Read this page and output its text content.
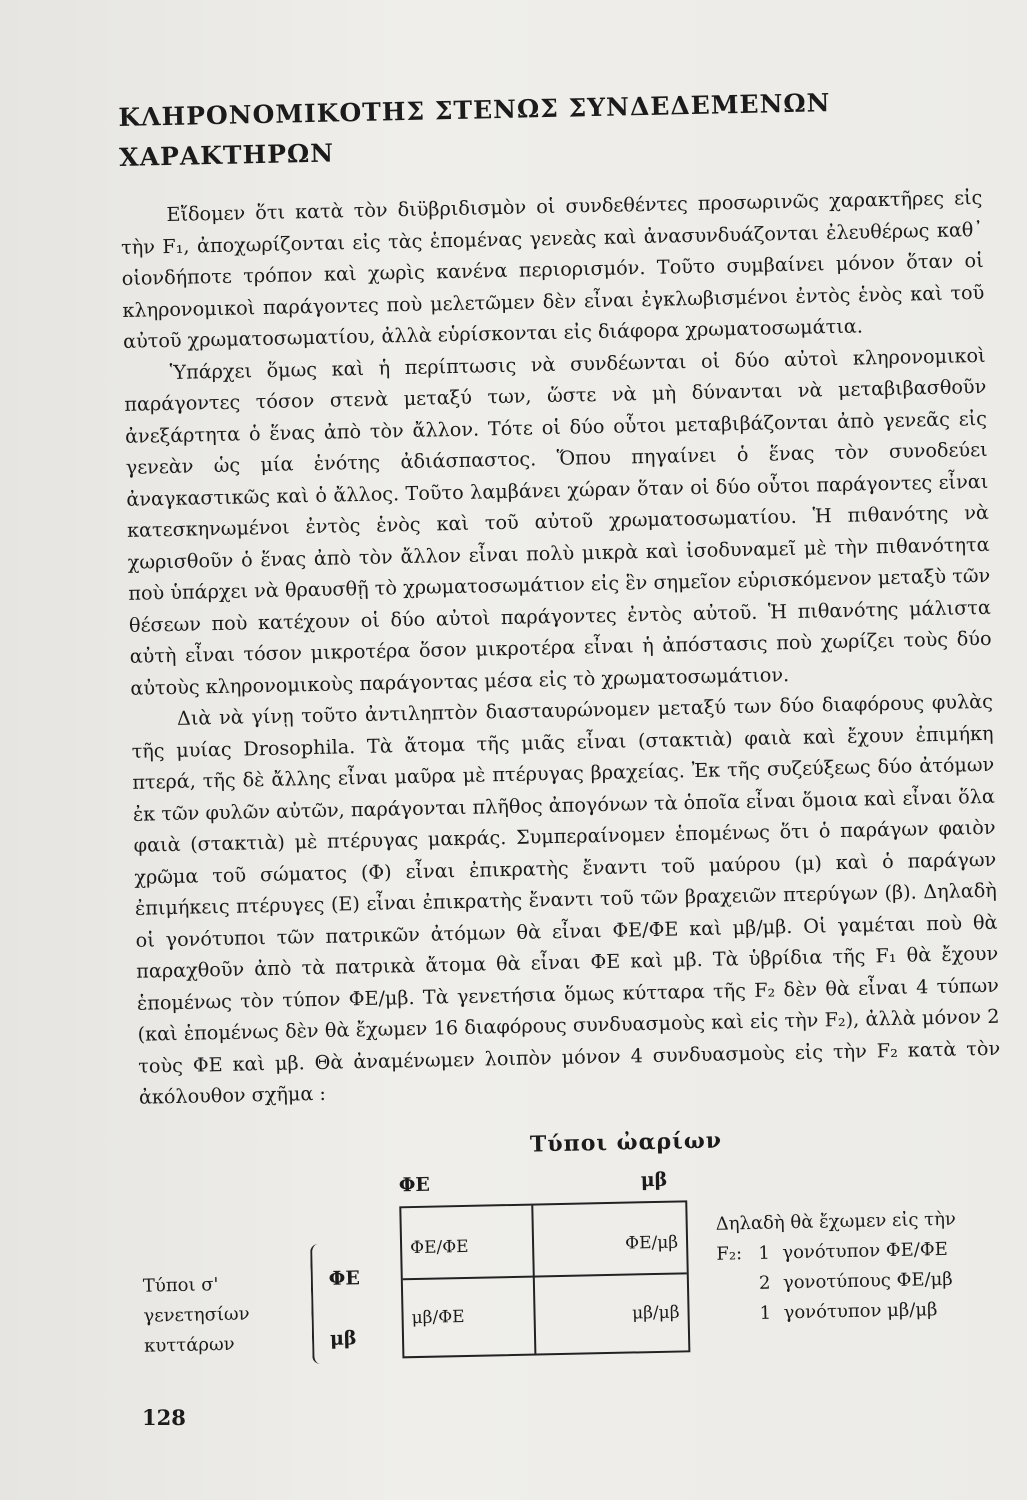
ΚΛΗΡΟΝΟΜΙΚΟΤΗΣ ΣΤΕΝΩΣ ΣΥΝΔΕΔΕΜΕΝΩΝ
ΧΑΡΑΚΤΗΡΩΝ

Εἴδομεν ὅτι κατὰ τὸν διϋβριδισμὸν οἱ συνδεθέντες προσωρινῶς χαρακτῆρες εἰς τὴν F₁, ἀποχωρίζονται εἰς τὰς ἑπομένας γενεὰς καὶ ἀνασυνδυάζονται ἐλευθέρως καθ᾿ οἱονδήποτε τρόπον καὶ χωρὶς κανένα περιορισμόν. Τοῦτο συμβαίνει μόνον ὅταν οἱ κληρονομικοὶ παράγοντες ποὺ μελετῶμεν δὲν εἶναι ἐγκλωβισμένοι ἐντὸς ἑνὸς καὶ τοῦ αὐτοῦ χρωματοσωματίου, ἀλλὰ εὑρίσκονται εἰς διάφορα χρωματοσωμάτια.

Ὑπάρχει ὅμως καὶ ἡ περίπτωσις νὰ συνδέωνται οἱ δύο αὐτοὶ κληρονομικοὶ παράγοντες τόσον στενὰ μεταξύ των, ὥστε νὰ μὴ δύνανται νὰ μεταβιβασθοῦν ἀνεξάρτητα ὁ ἕνας ἀπὸ τὸν ἄλλον. Τότε οἱ δύο οὗτοι μεταβιβάζονται ἀπὸ γενεᾶς εἰς γενεὰν ὡς μία ἑνότης ἀδιάσπαστος. Ὅπου πηγαίνει ὁ ἕνας τὸν συνοδεύει ἀναγκαστικῶς καὶ ὁ ἄλλος. Τοῦτο λαμβάνει χώραν ὅταν οἱ δύο οὗτοι παράγοντες εἶναι κατεσκηνωμένοι ἐντὸς ἑνὸς καὶ τοῦ αὐτοῦ χρωματοσωματίου. Ἡ πιθανότης νὰ χωρισθοῦν ὁ ἕνας ἀπὸ τὸν ἄλλον εἶναι πολὺ μικρὰ καὶ ἰσοδυναμεῖ μὲ τὴν πιθανότητα ποὺ ὑπάρχει νὰ θραυσθῇ τὸ χρωματοσωμάτιον εἰς ἓν σημεῖον εὑρισκόμενον μεταξὺ τῶν θέσεων ποὺ κατέχουν οἱ δύο αὐτοὶ παράγοντες ἐντὸς αὐτοῦ. Ἡ πιθανότης μάλιστα αὐτὴ εἶναι τόσον μικροτέρα ὅσον μικροτέρα εἶναι ἡ ἀπόστασις ποὺ χωρίζει τοὺς δύο αὐτοὺς κληρονομικοὺς παράγοντας μέσα εἰς τὸ χρωματοσωμάτιον.

Διὰ νὰ γίνῃ τοῦτο ἀντιληπτὸν διασταυρώνομεν μεταξύ των δύο διαφόρους φυλὰς τῆς μυίας Drosophila. Τὰ ἄτομα τῆς μιᾶς εἶναι (στακτιὰ) φαιὰ καὶ ἔχουν ἐπιμήκη πτερά, τῆς δὲ ἄλλης εἶναι μαῦρα μὲ πτέρυγας βραχείας. Ἐκ τῆς συζεύξεως δύο ἀτόμων ἐκ τῶν φυλῶν αὐτῶν, παράγονται πλῆθος ἀπογόνων τὰ ὁποῖα εἶναι ὅμοια καὶ εἶναι ὅλα φαιὰ (στακτιὰ) μὲ πτέρυγας μακράς. Συμπεραίνομεν ἑπομένως ὅτι ὁ παράγων φαιὸν χρῶμα τοῦ σώματος (Φ) εἶναι ἐπικρατὴς ἔναντι τοῦ μαύρου (μ) καὶ ὁ παράγων ἐπιμήκεις πτέρυγες (Ε) εἶναι ἐπικρατὴς ἔναντι τοῦ τῶν βραχειῶν πτερύγων (β). Δηλαδὴ οἱ γονότυποι τῶν πατρικῶν ἀτόμων θὰ εἶναι ΦΕ/ΦΕ καὶ μβ/μβ. Οἱ γαμέται ποὺ θὰ παραχθοῦν ἀπὸ τὰ πατρικὰ ἄτομα θὰ εἶναι ΦΕ καὶ μβ. Τὰ ὑβρίδια τῆς F₁ θὰ ἔχουν ἑπομένως τὸν τύπον ΦΕ/μβ. Τὰ γενετήσια ὅμως κύτταρα τῆς F₂ δὲν θὰ εἶναι 4 τύπων (καὶ ἑπομένως δὲν θὰ ἔχωμεν 16 διαφόρους συνδυασμοὺς καὶ εἰς τὴν F₂), ἀλλὰ μόνον 2 τοὺς ΦΕ καὶ μβ. Θὰ ἀναμένωμεν λοιπὸν μόνον 4 συνδυασμοὺς εἰς τὴν F₂ κατὰ τὸν ἀκόλουθον σχῆμα :

Τύποι ὠαρίων
Τύποι σ'
γενετησίων
κυττάρων
ΦΕ	μβ
ΦΕ
μβ
ΦΕ/ΦΕ	ΦΕ/μβ
μβ/ΦΕ	μβ/μβ
Δηλαδὴ θὰ ἔχωμεν εἰς τὴν
F₂: 1 γονότυπον ΦΕ/ΦΕ
2 γονοτύπους ΦΕ/μβ
1 γονότυπον μβ/μβ
128
